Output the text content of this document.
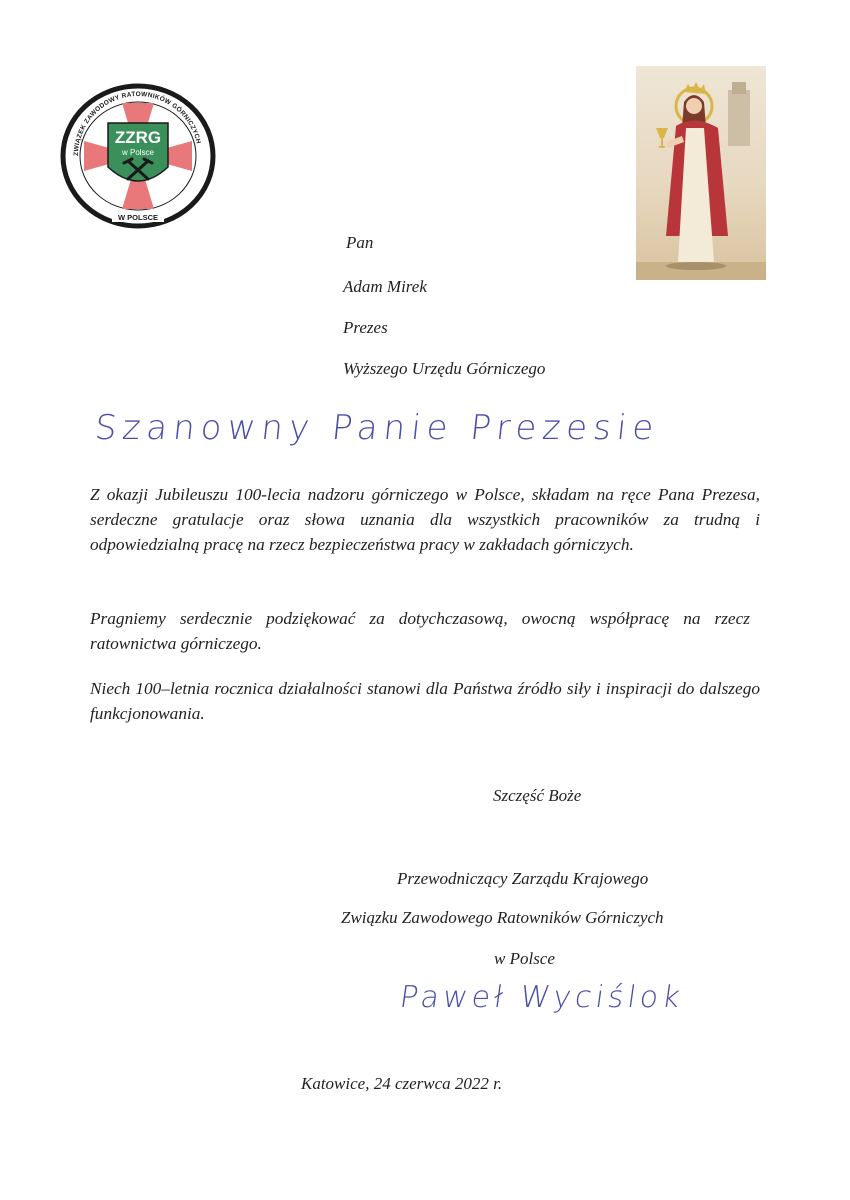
ZZRG
w Polsce
ZWIĄZEK ZAWODOWY RATOWNIKÓW GÓRNICZYCH
W POLSCE
Pan
Adam Mirek
Prezes
Wyższego Urzędu Górniczego
Szanowny Panie Prezesie
Z okazji Jubileuszu 100-lecia nadzoru górniczego w Polsce, składam na ręce Pana Prezesa, serdeczne gratulacje oraz słowa uznania dla wszystkich pracowników za trudną i odpowiedzialną pracę na rzecz bezpieczeństwa pracy w zakładach górniczych.
Pragniemy serdecznie podziękować za dotychczasową, owocną współpracę na rzecz ratownictwa górniczego.
Niech 100–letnia rocznica działalności stanowi dla Państwa źródło siły i inspiracji do dalszego funkcjonowania.
Szczęść Boże
Przewodniczący Zarządu Krajowego
Związku Zawodowego Ratowników Górniczych
w Polsce
Paweł Wyciślok
Katowice, 24 czerwca 2022 r.
